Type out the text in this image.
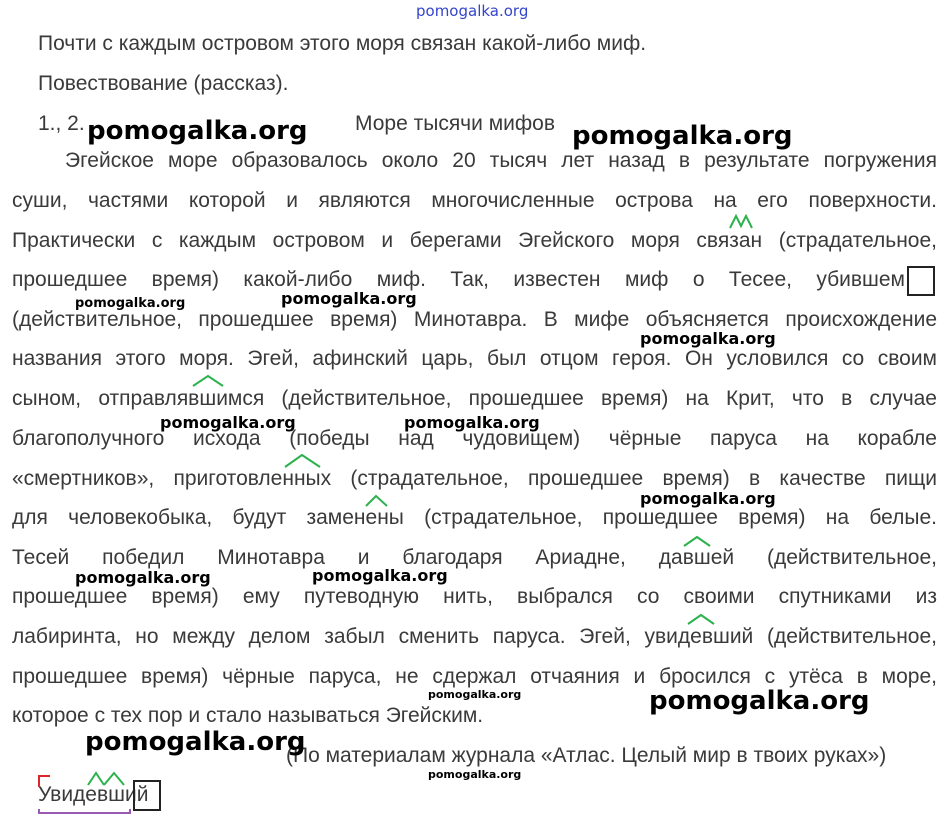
pomogalka.org
Почти с каждым островом этого моря связан какой-либо миф.
Повествование (рассказ).
1., 2.	Море тысячи мифов
Эгейское море образовалось около 20 тысяч лет назад в результате погружения
суши, частями которой и являются многочисленные острова на его поверхности.
Практически с каждым островом и берегами Эгейского моря связан (страдательное,
прошедшее время) какой-либо миф. Так, известен миф о Тесее, убившем
(действительное, прошедшее время) Минотавра. В мифе объясняется происхождение
названия этого моря. Эгей, афинский царь, был отцом героя. Он условился со своим
сыном, отправлявшимся (действительное, прошедшее время) на Крит, что в случае
благополучного исхода (победы над чудовищем) чёрные паруса на корабле
«смертников», приготовленных (страдательное, прошедшее время) в качестве пищи
для человекобыка, будут заменены (страдательное, прошедшее время) на белые.
Тесей победил Минотавра и благодаря Ариадне, давшей (действительное,
прошедшее время) ему путеводную нить, выбрался со своими спутниками из
лабиринта, но между делом забыл сменить паруса. Эгей, увидевший (действительное,
прошедшее время) чёрные паруса, не сдержал отчаяния и бросился с утёса в море,
которое с тех пор и стало называться Эгейским.
(По материалам журнала «Атлас. Целый мир в твоих руках»)
Увидевший
pomogalka.org	pomogalka.org
pomogalka.org	pomogalka.org
pomogalka.org
pomogalka.org	pomogalka.org
pomogalka.org
pomogalka.org
pomogalka.org
pomogalka.org	pomogalka.org
pomogalka.org
pomogalka.org
